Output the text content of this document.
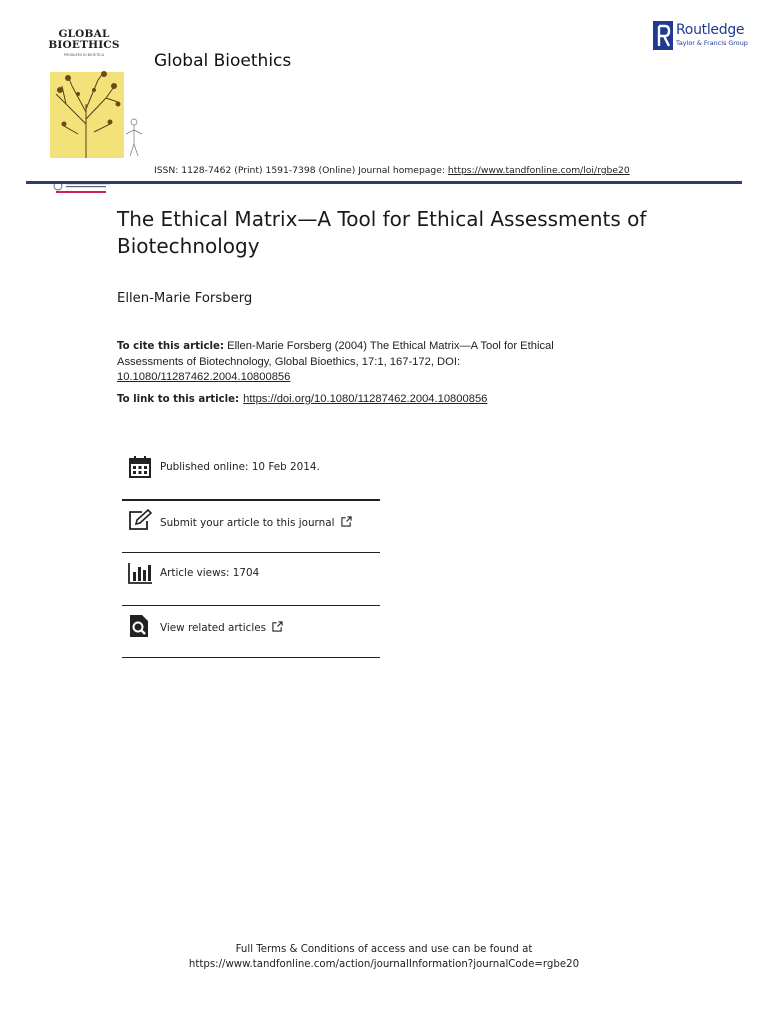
GLOBAL
BIOETHICS
PROBLEMI DI BIOETICA	Global Bioethics
Routledge
Taylor & Francis Group
ISSN: 1128-7462 (Print) 1591-7398 (Online) Journal homepage: https://www.tandfonline.com/loi/rgbe20
The Ethical Matrix—A Tool for Ethical Assessments of Biotechnology
Ellen-Marie Forsberg
To cite this article: Ellen-Marie Forsberg (2004) The Ethical Matrix—A Tool for Ethical Assessments of Biotechnology, Global Bioethics, 17:1, 167-172, DOI:
10.1080/11287462.2004.10800856
To link to this article: https://doi.org/10.1080/11287462.2004.10800856
Published online: 10 Feb 2014.
Submit your article to this journal
Article views: 1704
View related articles
Full Terms & Conditions of access and use can be found at
https://www.tandfonline.com/action/journalInformation?journalCode=rgbe20
